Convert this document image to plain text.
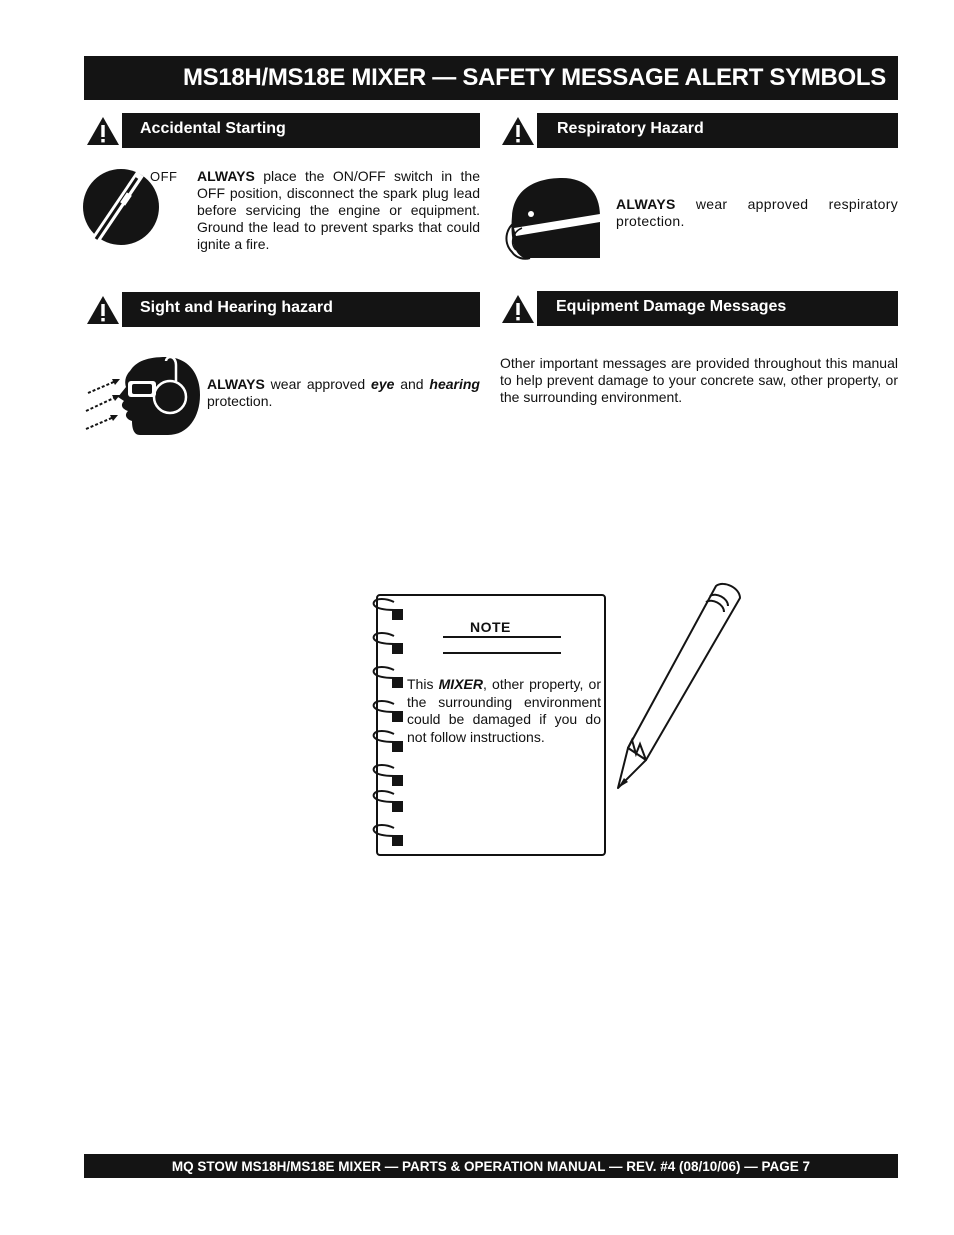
MS18H/MS18E MIXER — SAFETY MESSAGE ALERT SYMBOLS
Accidental Starting
OFF ALWAYS place the ON/OFF switch in the OFF position, disconnect the spark plug lead before servicing the engine or equipment. Ground the lead to prevent sparks that could ignite a fire.
Respiratory Hazard
ALWAYS wear approved respiratory protection.
Sight and Hearing hazard
ALWAYS wear approved eye and hearing protection.
Equipment Damage Messages
Other important messages are provided throughout this manual to help prevent damage to your concrete saw, other property, or the surrounding environment.
NOTE
This MIXER, other property, or the surrounding environment could be damaged if you do not follow instructions.
MQ STOW MS18H/MS18E MIXER — PARTS & OPERATION MANUAL — REV. #4 (08/10/06) — PAGE 7
